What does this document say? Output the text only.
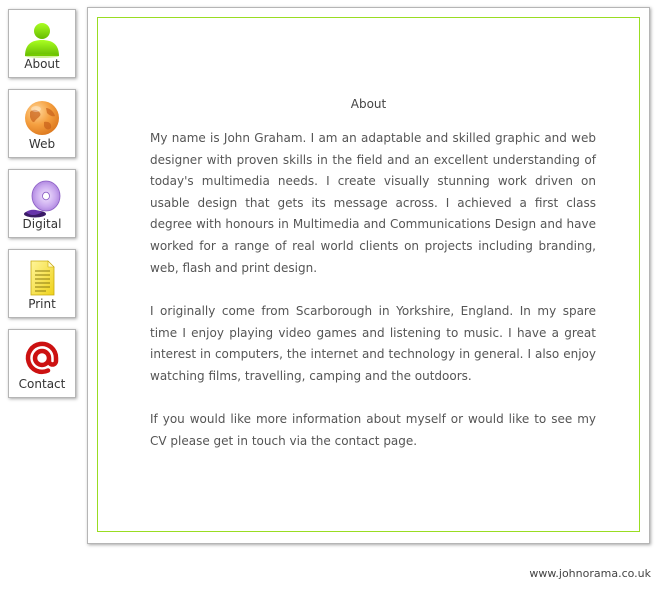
About
Web
Digital
Print
Contact
About

My name is John Graham. I am an adaptable and skilled graphic and web designer with proven skills in the field and an excellent understanding of today's multimedia needs. I create visually stunning work driven on usable design that gets its message across. I achieved a first class degree with honours in Multimedia and Communications Design and have worked for a range of real world clients on projects including branding, web, flash and print design.

I originally come from Scarborough in Yorkshire, England. In my spare time I enjoy playing video games and listening to music. I have a great interest in computers, the internet and technology in general. I also enjoy watching films, travelling, camping and the outdoors.

If you would like more information about myself or would like to see my CV please get in touch via the contact page.

www.johnorama.co.uk
